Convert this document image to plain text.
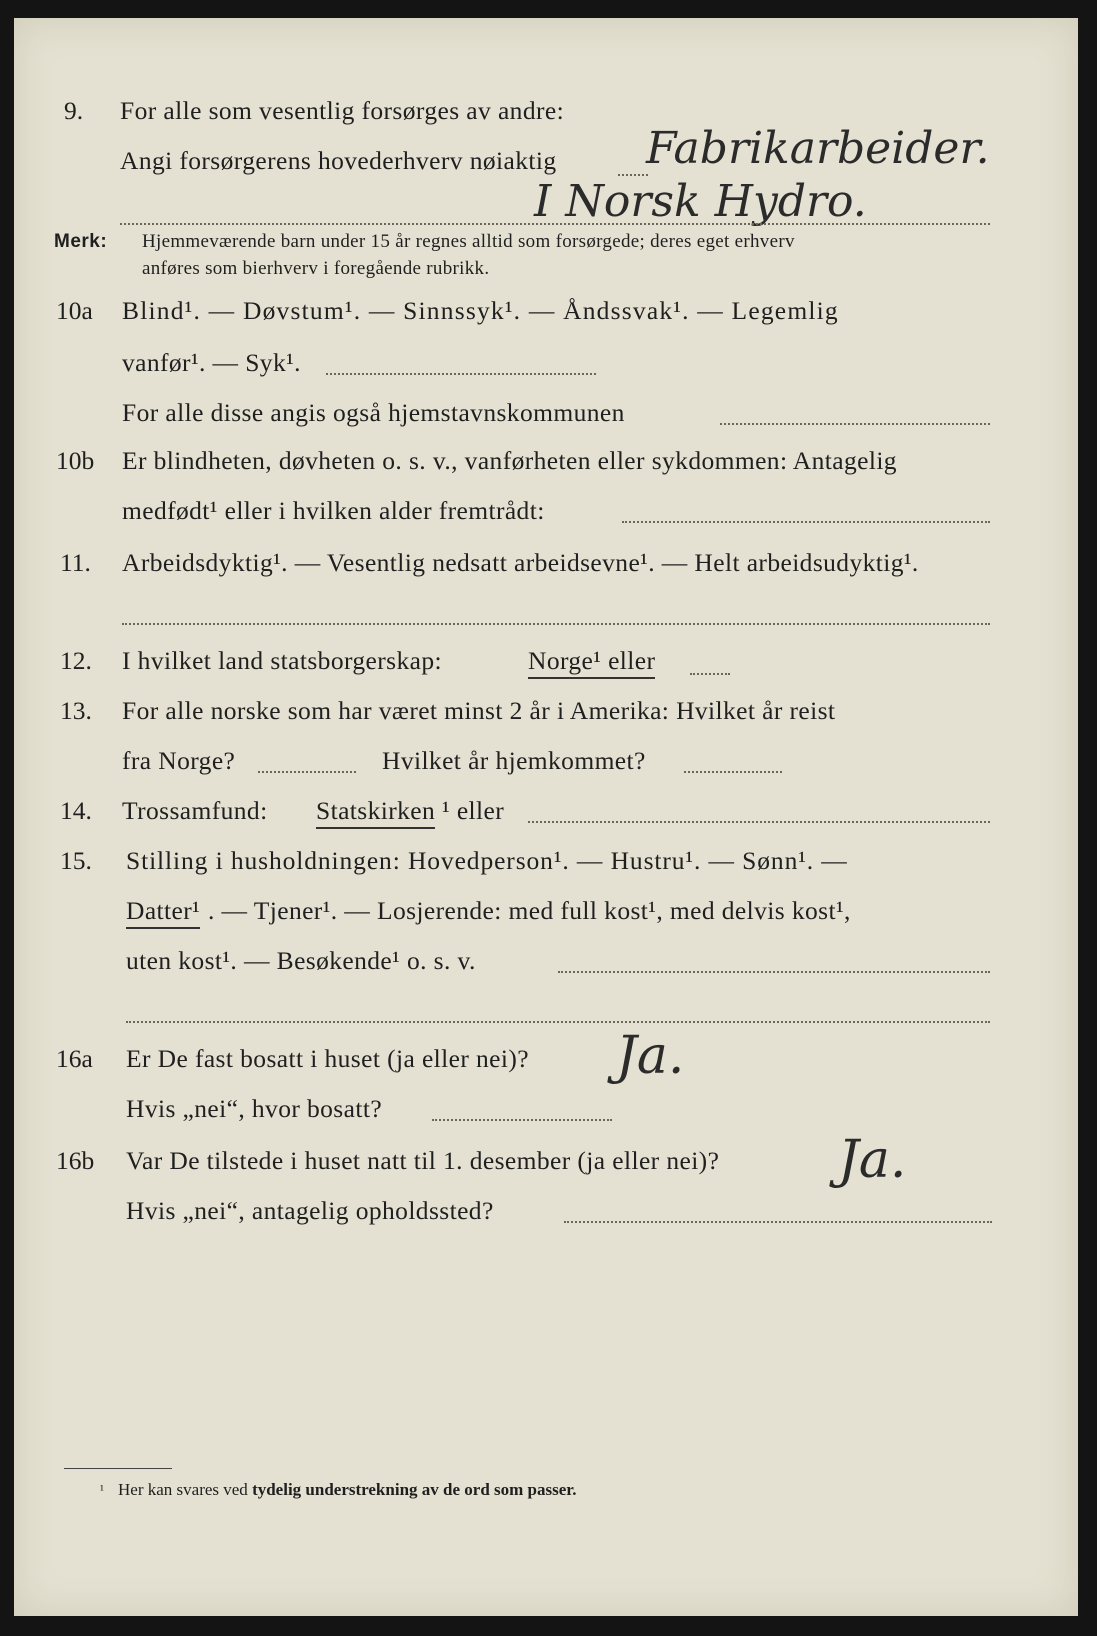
9. For alle som vesentlig forsørges av andre:
Angi forsørgerens hovederhverv nøiaktig Fabrikarbeider.
I Norsk Hydro.
Merk: Hjemmeværende barn under 15 år regnes alltid som forsørgede; deres eget erhverv
anføres som bierhverv i foregående rubrikk.
10a Blind¹. — Døvstum¹. — Sinnssyk¹. — Åndssvak¹. — Legemlig
vanfør¹. — Syk¹.
For alle disse angis også hjemstavnskommunen
10b Er blindheten, døvheten o. s. v., vanførheten eller sykdommen: Antagelig
medfødt¹ eller i hvilken alder fremtrådt:
11. Arbeidsdyktig¹. — Vesentlig nedsatt arbeidsevne¹. — Helt arbeidsudyktig¹.
12. I hvilket land statsborgerskap:	Norge¹ eller
13. For alle norske som har været minst 2 år i Amerika: Hvilket år reist
fra Norge?	Hvilket år hjemkommet?
14. Trossamfund: Statskirken ¹ eller
15. Stilling i husholdningen: Hovedperson¹. — Hustru¹. — Sønn¹. —
Datter¹ . — Tjener¹. — Losjerende: med full kost¹, med delvis kost¹,
uten kost¹. — Besøkende¹ o. s. v.
16a Er De fast bosatt i huset (ja eller nei)? Ja.
Hvis „nei“, hvor bosatt?
16b Var De tilstede i huset natt til 1. desember (ja eller nei)? Ja.
Hvis „nei“, antagelig opholdssted?
¹ Her kan svares ved tydelig understrekning av de ord som passer.
